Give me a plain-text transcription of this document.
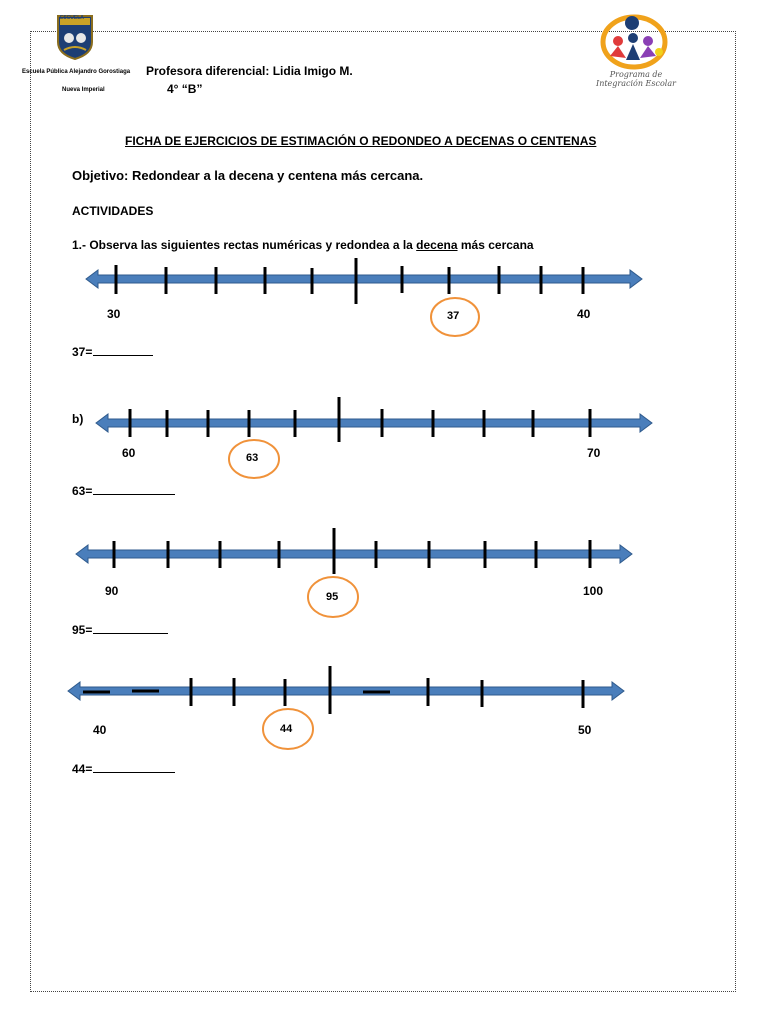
ESCUELA
Escuela Pública Alejandro Gorostiaga
Nueva Imperial
Profesora diferencial: Lidia Imigo M.
4° “B”
Programa de Integración Escolar
FICHA DE EJERCICIOS DE ESTIMACIÓN O REDONDEO A DECENAS O CENTENAS
Objetivo: Redondear a la decena y centena más cercana.
ACTIVIDADES
1.- Observa las siguientes rectas numéricas y redondea a la decena más cercana
30	40
37
37=
b)
60	70
63
63=
90	100
95
95=
40	50
44
44=
